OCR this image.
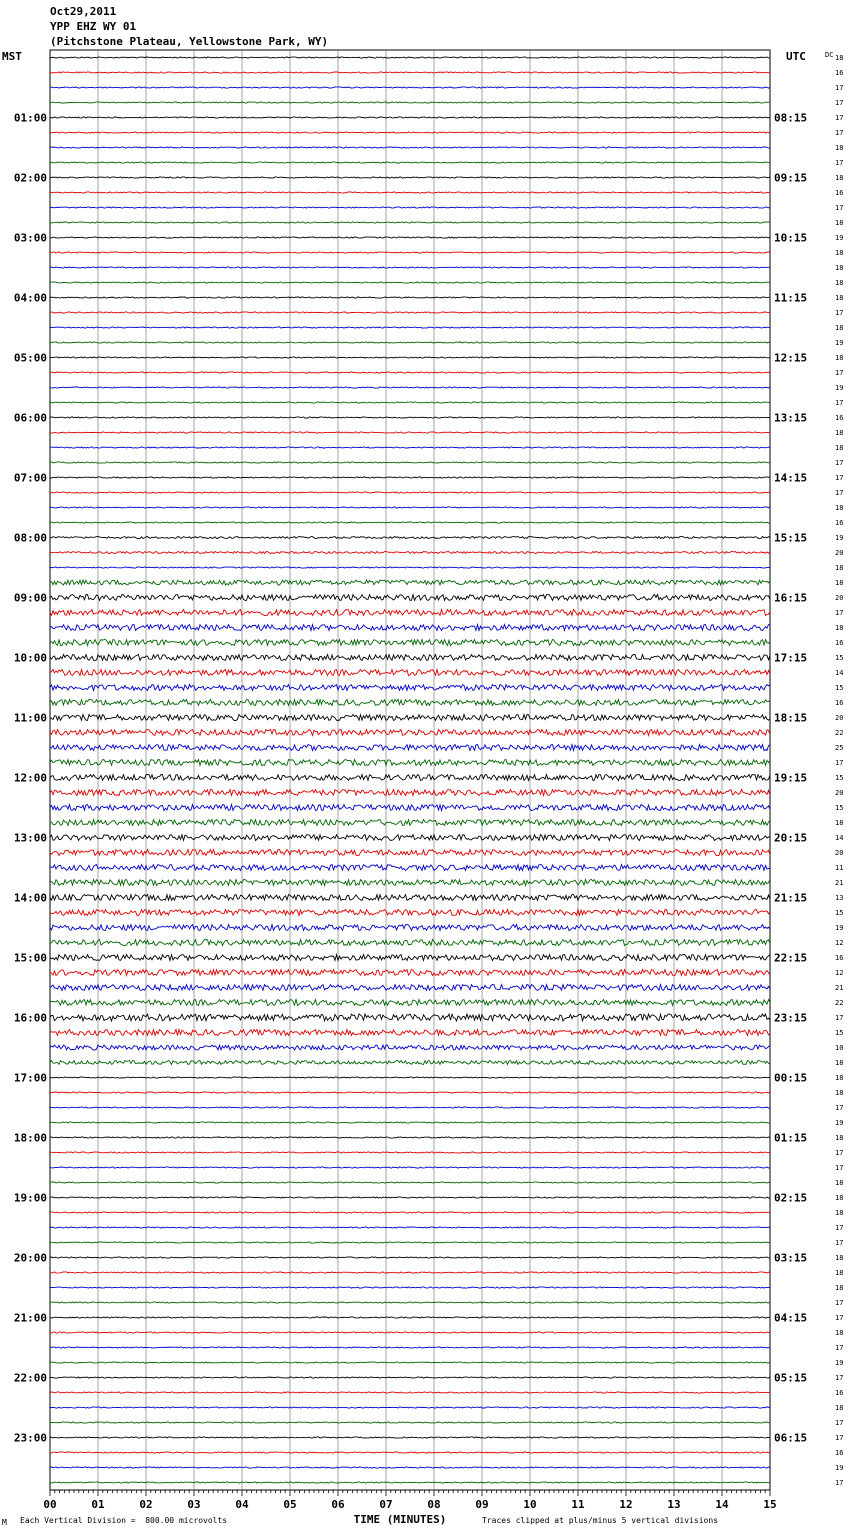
Oct29,2011
YPP EHZ WY 01
(Pitchstone Plateau, Yellowstone Park, WY)
18
16
17
17
17
17
18
17
18
16
17
18
19
18
18
18
18
17
18
19
18
17
19
17
16
18
18
17
17
17
18
16
19
20
18
18
20
17
18
16
15
14
15
16
20
22
25
17
15
20
15
18
14
20
11
21
13
15
19
12
16
12
21
22
17
15
10
18
18
18
17
19
18
17
17
18
18
18
17
17
18
18
18
17
17
18
17
19
17
16
18
17
17
16
19
17
DC
MST	UTC
01:00	08:15
02:00	09:15
03:00	10:15
04:00	11:15
05:00	12:15
06:00	13:15
07:00	14:15
08:00	15:15
09:00	16:15
10:00	17:15
11:00	18:15
12:00	19:15
13:00	20:15
14:00	21:15
15:00	22:15
16:00	23:15
17:00	00:15
18:00	01:15
19:00	02:15
20:00	03:15
21:00	04:15
22:00	05:15
23:00	06:15
00	01	02	03	04	05	06	07	08	09	10	11	12	13	14	15
TIME (MINUTES)
M Each Vertical Division =  800.00 microvolts	Traces clipped at plus/minus 5 vertical divisions
